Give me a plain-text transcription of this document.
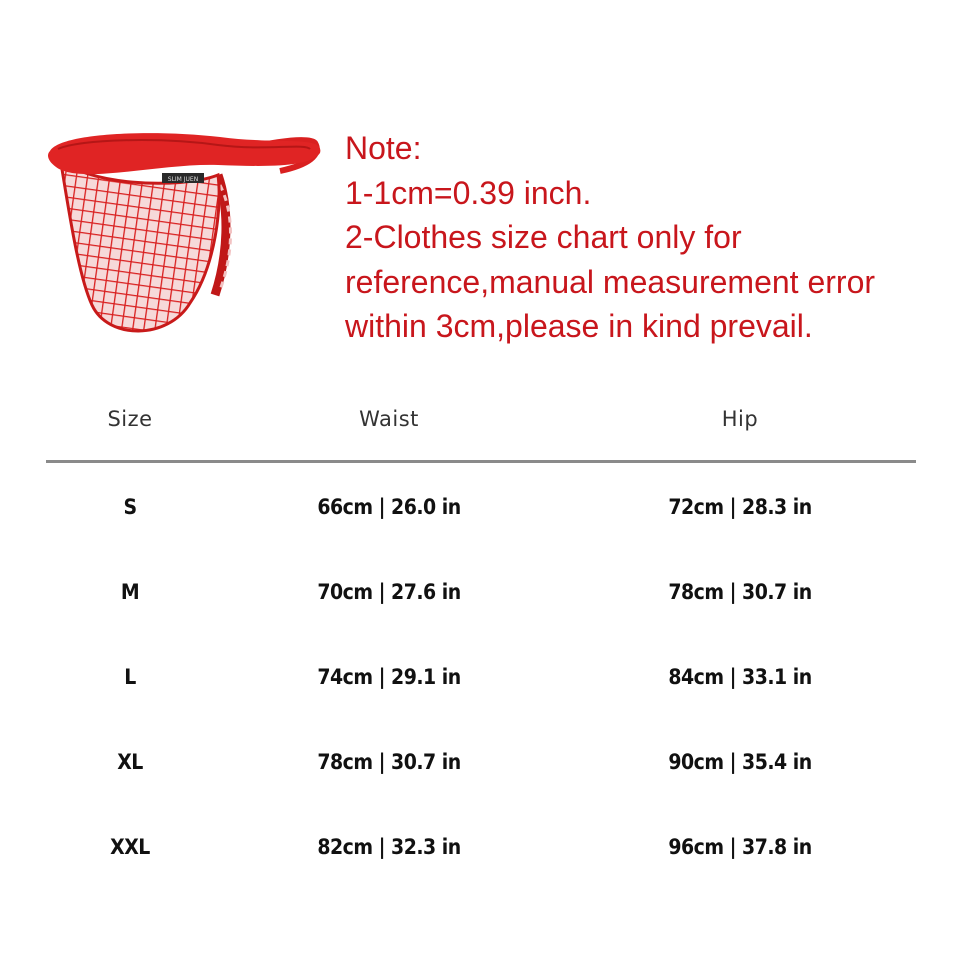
SLIM JUEN
Note:
1-1cm=0.39 inch.
2-Clothes size chart only for
reference,manual measurement error
within 3cm,please in kind prevail.
Size	Waist	Hip
S	66cm | 26.0 in	72cm | 28.3 in
M	70cm | 27.6 in	78cm | 30.7 in
L	74cm | 29.1 in	84cm | 33.1 in
XL	78cm | 30.7 in	90cm | 35.4 in
XXL	82cm | 32.3 in	96cm | 37.8 in
